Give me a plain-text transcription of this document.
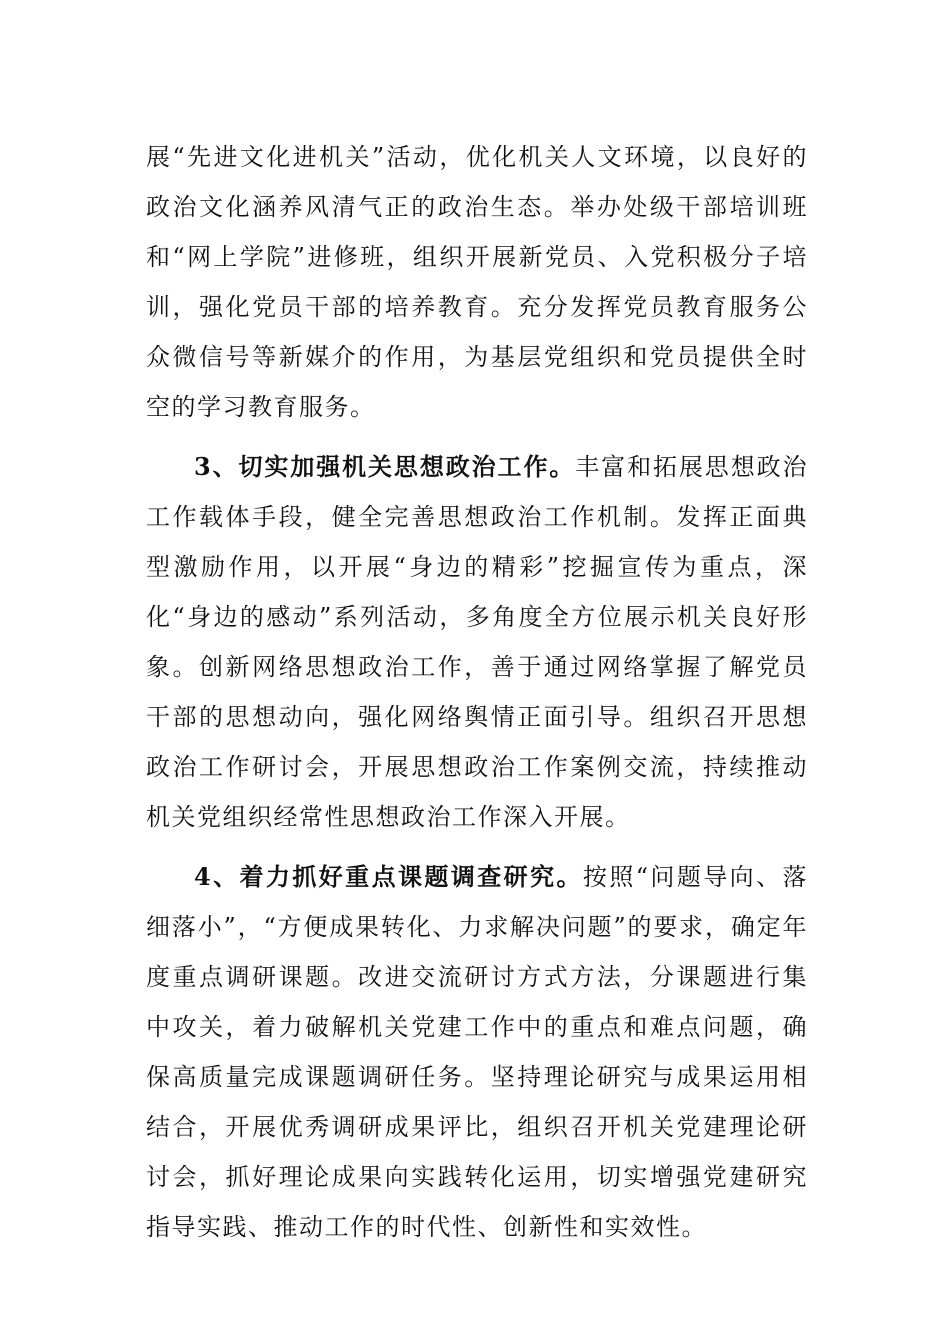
展“先进文化进机关”活动，优化机关人文环境，以良好的政治文化涵养风清气正的政治生态。举办处级干部培训班和“网上学院”进修班，组织开展新党员、入党积极分子培训，强化党员干部的培养教育。充分发挥党员教育服务公众微信号等新媒介的作用，为基层党组织和党员提供全时空的学习教育服务。

3、切实加强机关思想政治工作。丰富和拓展思想政治工作载体手段，健全完善思想政治工作机制。发挥正面典型激励作用，以开展“身边的精彩”挖掘宣传为重点，深化“身边的感动”系列活动，多角度全方位展示机关良好形象。创新网络思想政治工作，善于通过网络掌握了解党员干部的思想动向，强化网络舆情正面引导。组织召开思想政治工作研讨会，开展思想政治工作案例交流，持续推动机关党组织经常性思想政治工作深入开展。

4、着力抓好重点课题调查研究。按照“问题导向、落细落小”，“方便成果转化、力求解决问题”的要求，确定年度重点调研课题。改进交流研讨方式方法，分课题进行集中攻关，着力破解机关党建工作中的重点和难点问题，确保高质量完成课题调研任务。坚持理论研究与成果运用相结合，开展优秀调研成果评比，组织召开机关党建理论研讨会，抓好理论成果向实践转化运用，切实增强党建研究指导实践、推动工作的时代性、创新性和实效性。
